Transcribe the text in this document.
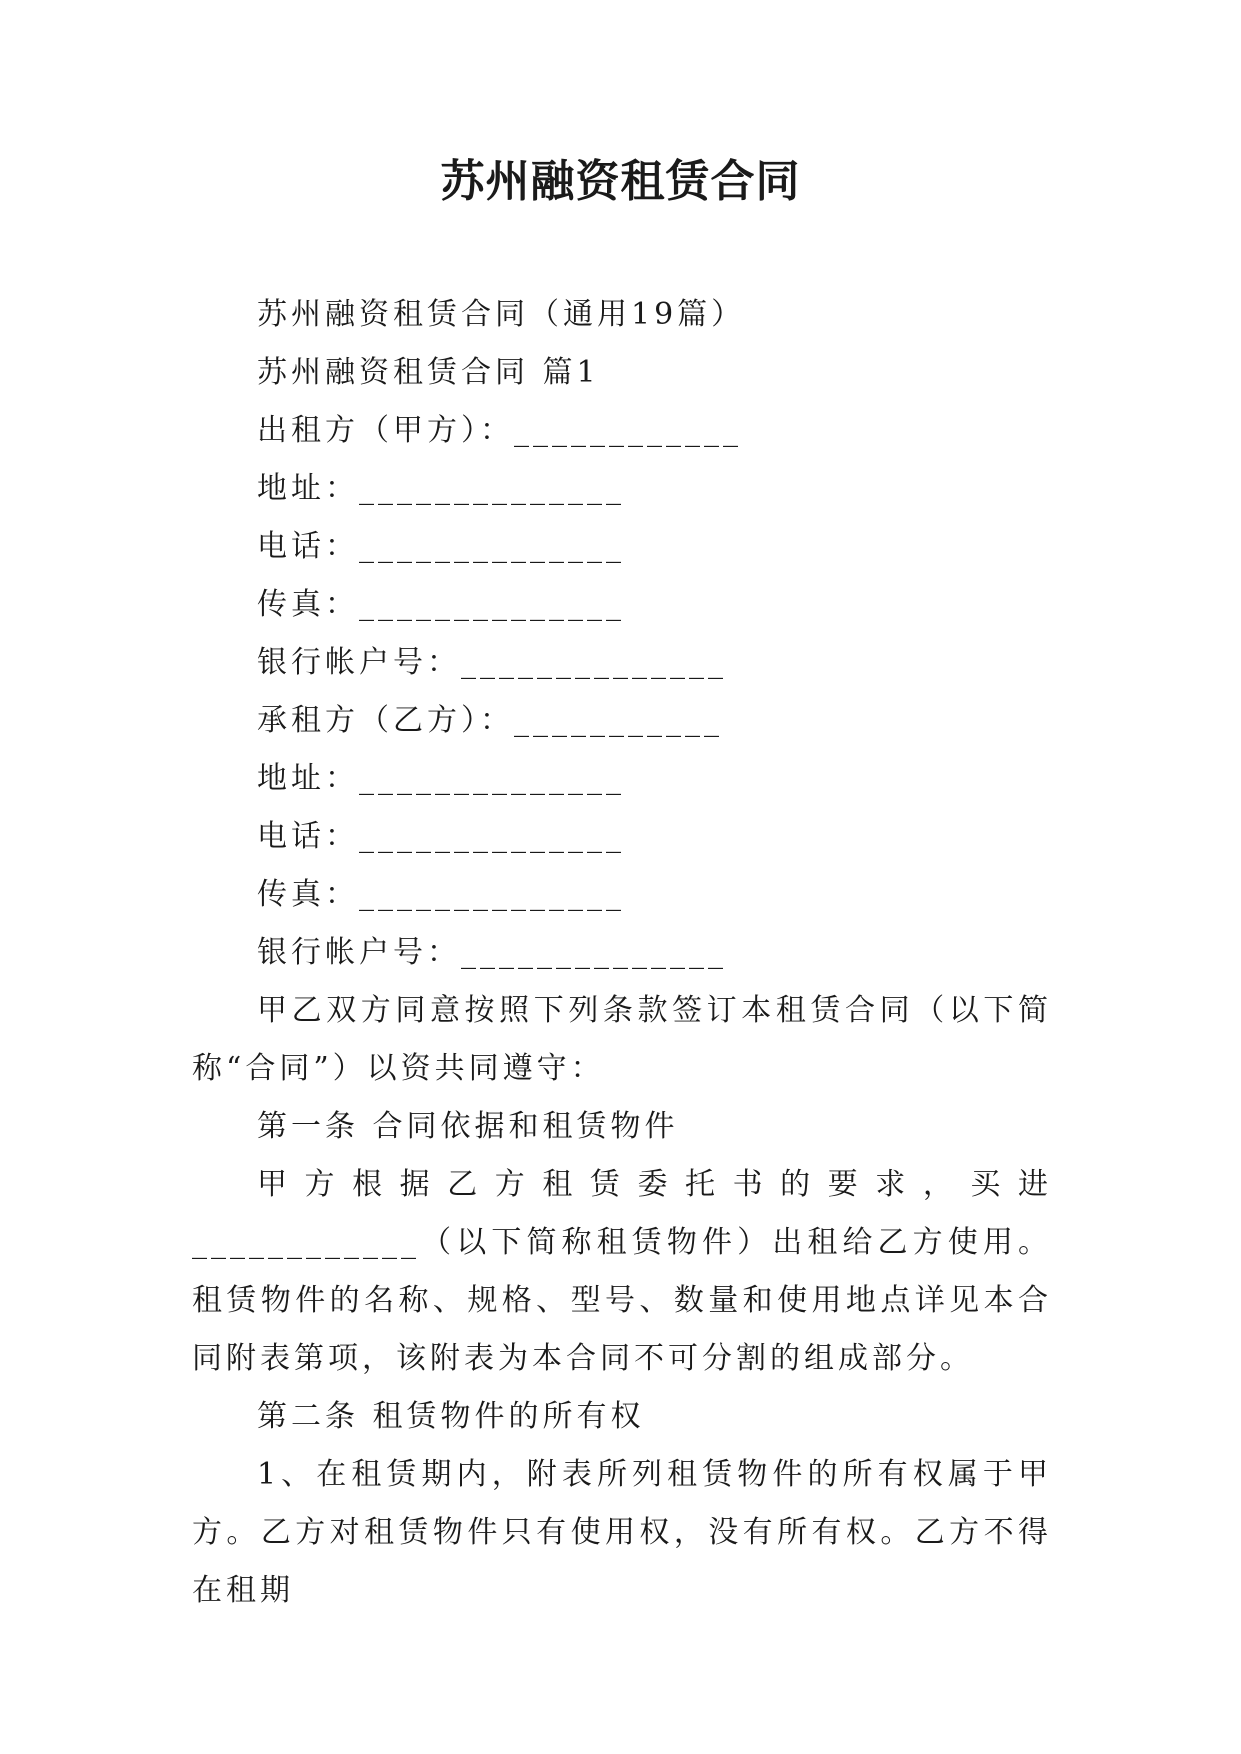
苏州融资租赁合同

苏州融资租赁合同（通用19篇）

苏州融资租赁合同 篇1

出租方（甲方）：____________

地址：______________

电话：______________

传真：______________

银行帐户号：______________

承租方（乙方）：___________

地址：______________

电话：______________

传真：______________

银行帐户号：______________

甲乙双方同意按照下列条款签订本租赁合同（以下简称“合同”）以资共同遵守：

第一条 合同依据和租赁物件

甲方根据乙方租赁委托书的要求，买进____________（以下简称租赁物件）出租给乙方使用。租赁物件的名称、规格、型号、数量和使用地点详见本合同附表第项，该附表为本合同不可分割的组成部分。

第二条 租赁物件的所有权

1、在租赁期内，附表所列租赁物件的所有权属于甲方。乙方对租赁物件只有使用权，没有所有权。乙方不得在租期
